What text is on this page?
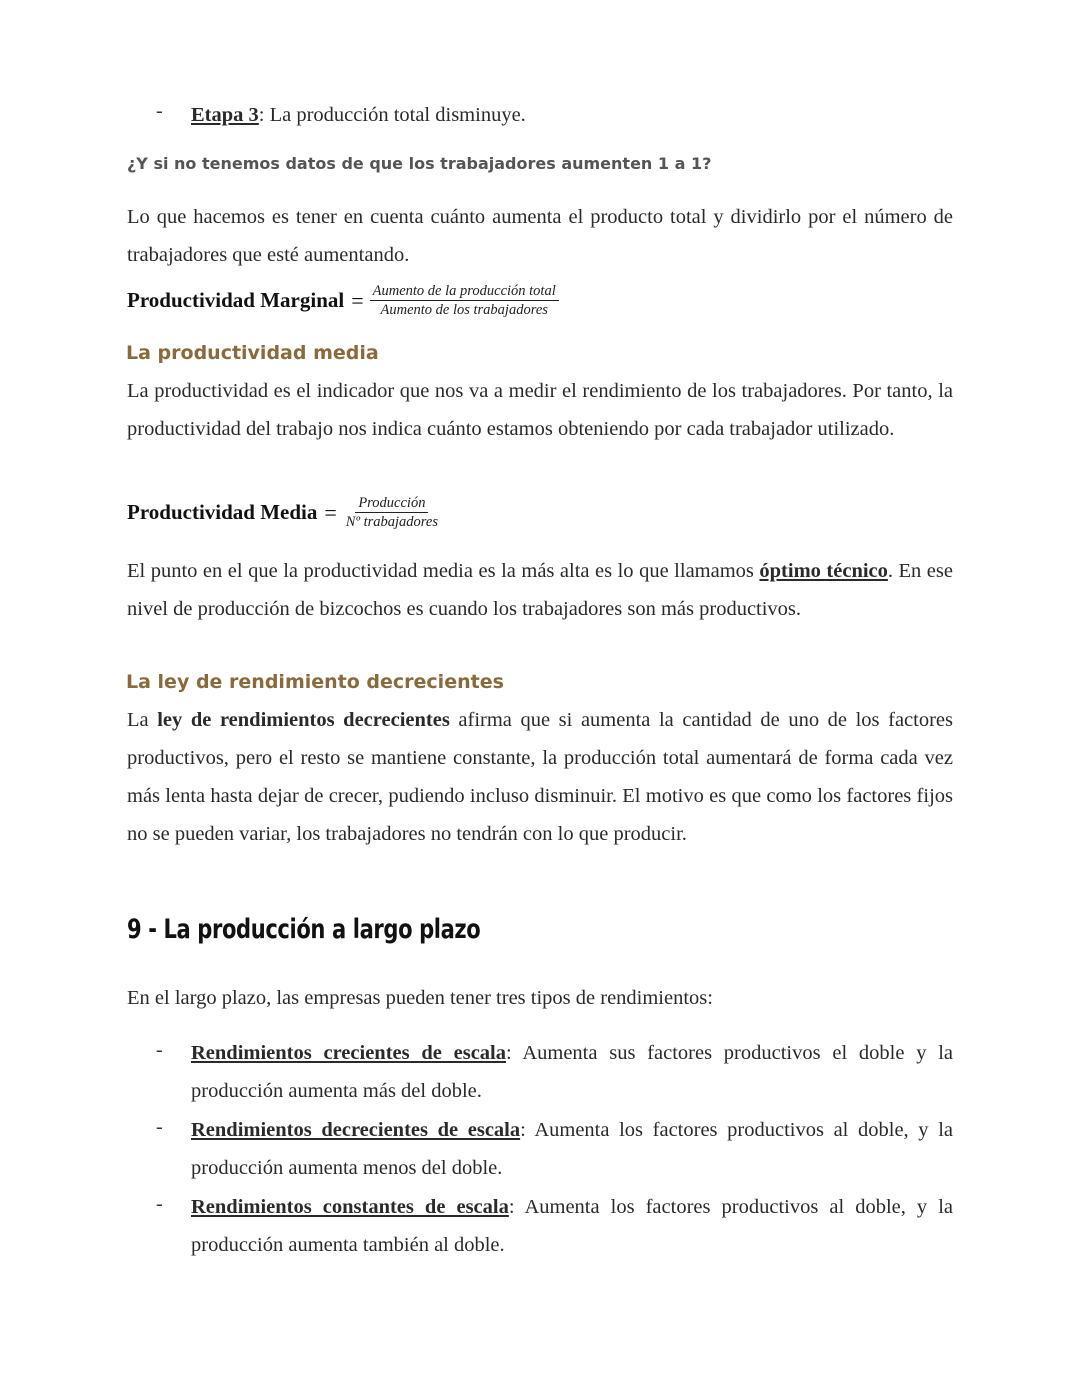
- Etapa 3: La producción total disminuye.
¿Y si no tenemos datos de que los trabajadores aumenten 1 a 1?
Lo que hacemos es tener en cuenta cuánto aumenta el producto total y dividirlo por el número de trabajadores que esté aumentando.
Productividad Marginal = $\frac{\text{Aumento de la producción total}}{\text{Aumento de los trabajadores}}$
La productividad media
La productividad es el indicador que nos va a medir el rendimiento de los trabajadores. Por tanto, la productividad del trabajo nos indica cuánto estamos obteniendo por cada trabajador utilizado.
Productividad Media = $\frac{\text{Producción}}{\text{Nº trabajadores}}$
El punto en el que la productividad media es la más alta es lo que llamamos óptimo técnico. En ese nivel de producción de bizcochos es cuando los trabajadores son más productivos.
La ley de rendimiento decrecientes
La ley de rendimientos decrecientes afirma que si aumenta la cantidad de uno de los factores productivos, pero el resto se mantiene constante, la producción total aumentará de forma cada vez más lenta hasta dejar de crecer, pudiendo incluso disminuir. El motivo es que como los factores fijos no se pueden variar, los trabajadores no tendrán con lo que producir.
9 - La producción a largo plazo
En el largo plazo, las empresas pueden tener tres tipos de rendimientos:
- Rendimientos crecientes de escala: Aumenta sus factores productivos el doble y la producción aumenta más del doble.
- Rendimientos decrecientes de escala: Aumenta los factores productivos al doble, y la producción aumenta menos del doble.
- Rendimientos constantes de escala: Aumenta los factores productivos al doble, y la producción aumenta también al doble.
